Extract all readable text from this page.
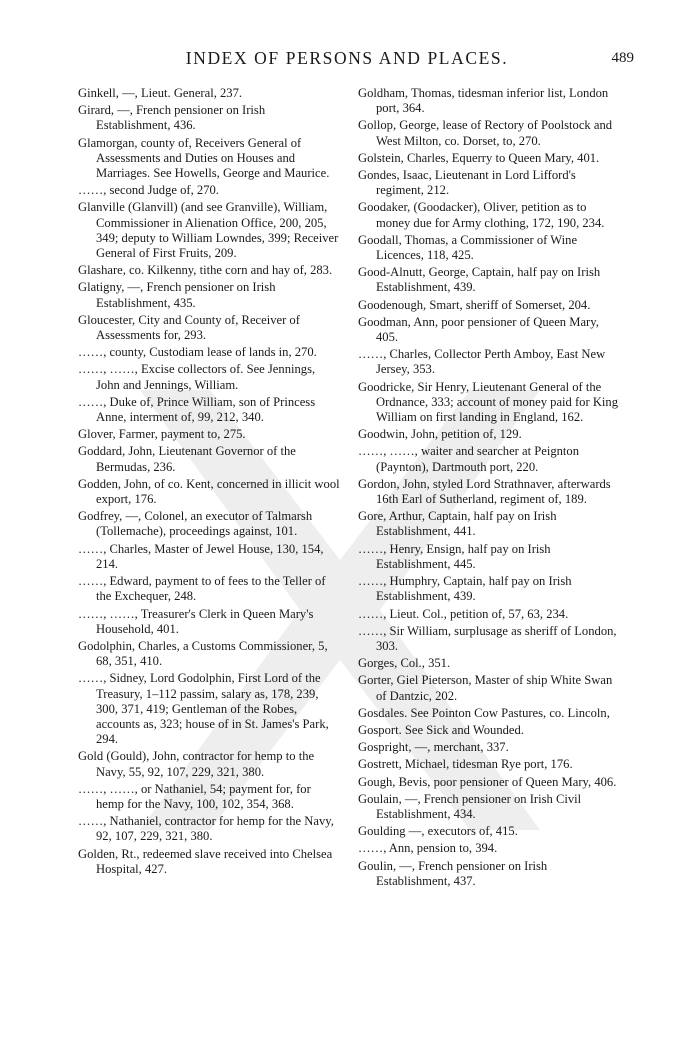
INDEX OF PERSONS AND PLACES.	489

Ginkell, —, Lieut. General, 237.

Girard, —, French pensioner on Irish Establishment, 436.

Glamorgan, county of, Receivers General of Assessments and Duties on Houses and Marriages. See Howells, George and Maurice.

……, second Judge of, 270.

Glanville (Glanvill) (and see Granville), William, Commissioner in Alienation Office, 200, 205, 349; deputy to William Lowndes, 399; Receiver General of First Fruits, 209.

Glashare, co. Kilkenny, tithe corn and hay of, 283.

Glatigny, —, French pensioner on Irish Establishment, 435.

Gloucester, City and County of, Receiver of Assessments for, 293.

……, county, Custodiam lease of lands in, 270.

……, ……, Excise collectors of. See Jennings, John and Jennings, William.

……, Duke of, Prince William, son of Princess Anne, interment of, 99, 212, 340.

Glover, Farmer, payment to, 275.

Goddard, John, Lieutenant Governor of the Bermudas, 236.

Godden, John, of co. Kent, concerned in illicit wool export, 176.

Godfrey, —, Colonel, an executor of Talmarsh (Tollemache), proceedings against, 101.

……, Charles, Master of Jewel House, 130, 154, 214.

……, Edward, payment to of fees to the Teller of the Exchequer, 248.

……, ……, Treasurer's Clerk in Queen Mary's Household, 401.

Godolphin, Charles, a Customs Commissioner, 5, 68, 351, 410.

……, Sidney, Lord Godolphin, First Lord of the Treasury, 1–112 passim, salary as, 178, 239, 300, 371, 419; Gentleman of the Robes, accounts as, 323; house of in St. James's Park, 294.

Gold (Gould), John, contractor for hemp to the Navy, 55, 92, 107, 229, 321, 380.

……, ……, or Nathaniel, 54; payment for, for hemp for the Navy, 100, 102, 354, 368.

……, Nathaniel, contractor for hemp for the Navy, 92, 107, 229, 321, 380.

Golden, Rt., redeemed slave received into Chelsea Hospital, 427.

Goldham, Thomas, tidesman inferior list, London port, 364.

Gollop, George, lease of Rectory of Poolstock and West Milton, co. Dorset, to, 270.

Golstein, Charles, Equerry to Queen Mary, 401.

Gondes, Isaac, Lieutenant in Lord Lifford's regiment, 212.

Goodaker, (Goodacker), Oliver, petition as to money due for Army clothing, 172, 190, 234.

Goodall, Thomas, a Commissioner of Wine Licences, 118, 425.

Good-Alnutt, George, Captain, half pay on Irish Establishment, 439.

Goodenough, Smart, sheriff of Somerset, 204.

Goodman, Ann, poor pensioner of Queen Mary, 405.

……, Charles, Collector Perth Amboy, East New Jersey, 353.

Goodricke, Sir Henry, Lieutenant General of the Ordnance, 333; account of money paid for King William on first landing in England, 162.

Goodwin, John, petition of, 129.

……, ……, waiter and searcher at Peignton (Paynton), Dartmouth port, 220.

Gordon, John, styled Lord Strathnaver, afterwards 16th Earl of Sutherland, regiment of, 189.

Gore, Arthur, Captain, half pay on Irish Establishment, 441.

……, Henry, Ensign, half pay on Irish Establishment, 445.

……, Humphry, Captain, half pay on Irish Establishment, 439.

……, Lieut. Col., petition of, 57, 63, 234.

……, Sir William, surplusage as sheriff of London, 303.

Gorges, Col., 351.

Gorter, Giel Pieterson, Master of ship White Swan of Dantzic, 202.

Gosdales. See Pointon Cow Pastures, co. Lincoln,

Gosport. See Sick and Wounded.

Gospright, —, merchant, 337.

Gostrett, Michael, tidesman Rye port, 176.

Gough, Bevis, poor pensioner of Queen Mary, 406.

Goulain, —, French pensioner on Irish Civil Establishment, 434.

Goulding —, executors of, 415.

……, Ann, pension to, 394.

Goulin, —, French pensioner on Irish Establishment, 437.
